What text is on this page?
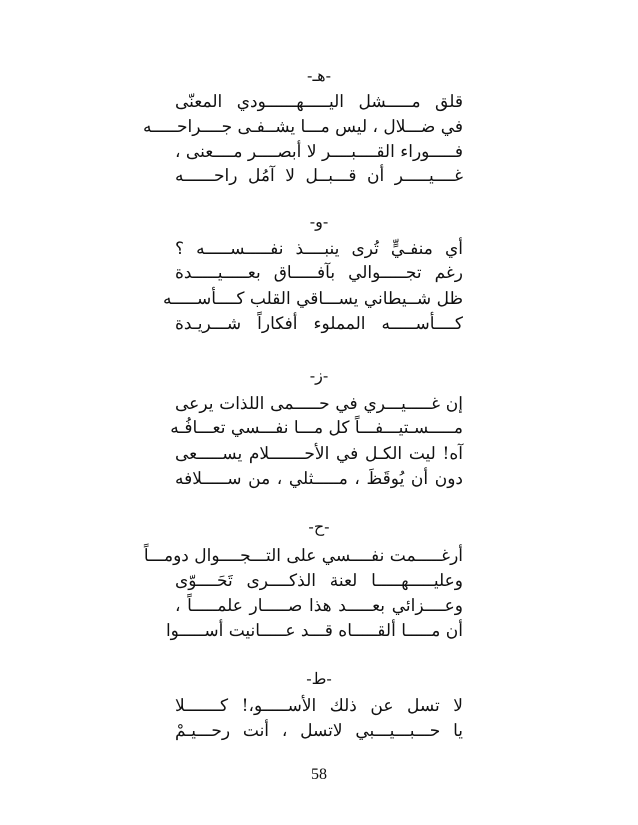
-هـ-
قلق مـــــشل اليـــــهــــــودي المعنّى
في ضـــلال ، ليس مـــا يشــفـى جــــراحـــــه
فـــــوراء القــــبــــر لا أبصــــر مــــعنى ،
غــــيـــــر أن قـــبــل لا آمُل راحــــــه
-و-
أي منفـيٍّ تُرى ينبــــذ نفـــــســـــه ؟
رغم تجـــــوالي بآفـــــاق بعـــــيـــــدة
ظل شــيطاني يســـاقي القلب كــــأســـــه
كــــأســـــه المملوء أفكاراً شـــريـدة
-ز-
إن غـــــيـــري في حـــــمى اللذات يرعى
مـــــسـتيـــفـــاً كل مـــا نفـــسي تعـــافُـه
آه! ليت الكـل في الأحـــــــلام يســـــعى
دون أن يُوقَظَ ، مـــــثلي ، من ســـــلافه
-ح-
أرغـــــمت نفــــسي على التـــجــــوال دومـــاً
وعليـــــهـــــا لعنة الذكــــرى تَحَــــوّى
وعــــزائي بعـــــد هذا صـــــار علمـــــاً ،
أن مـــــا ألقـــــاه قـــد عـــــانيت أســـــوا
-ط-
لا تسل عن ذلك الأســـــو،! كـــــــلا
يا حـــبـــيـــبي لاتسل ، أنت رحـــيـمْ
58
